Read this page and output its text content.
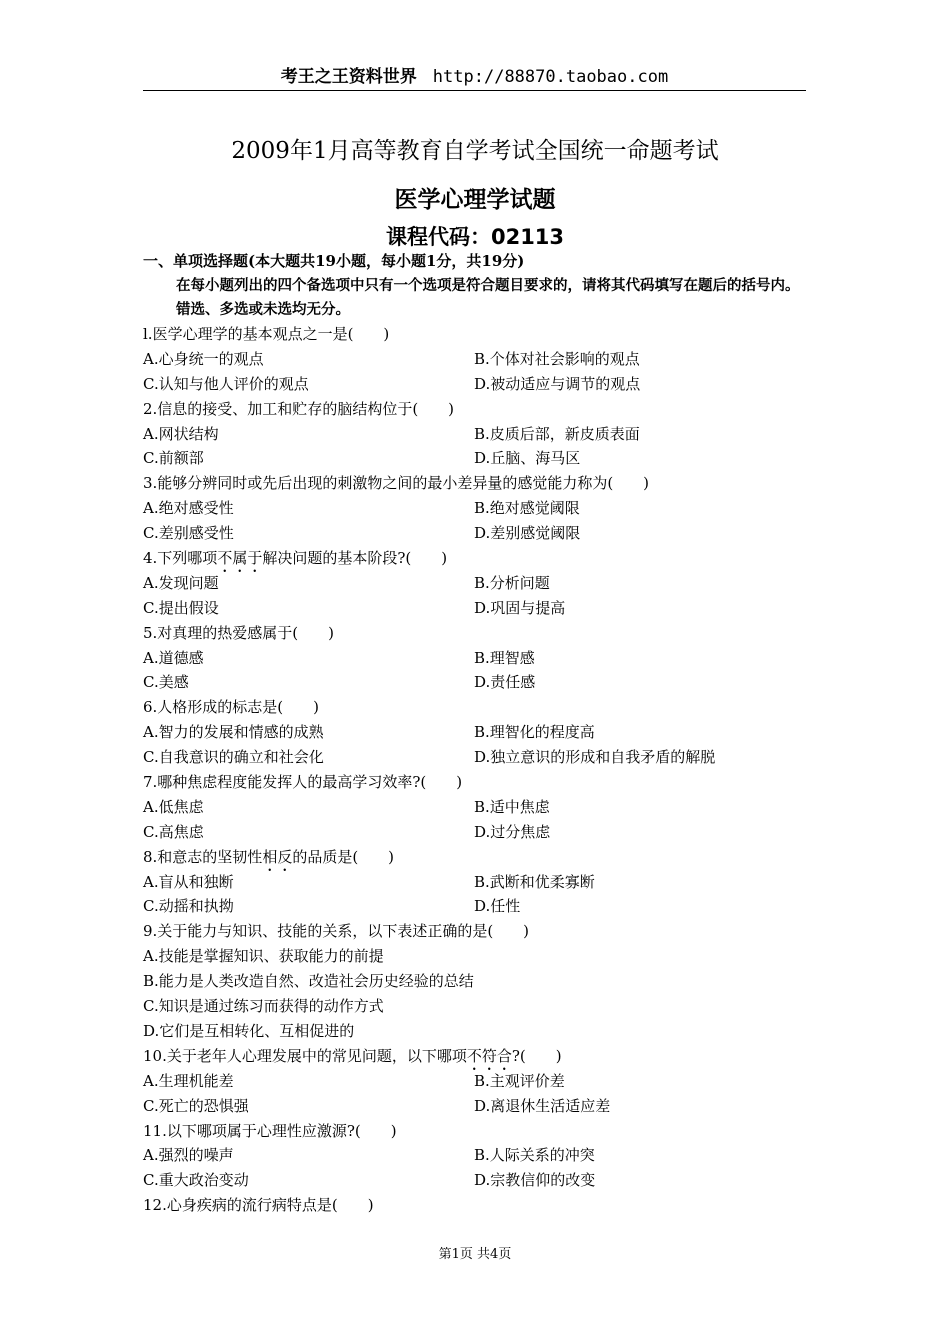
考王之王资料世界 http://88870.taobao.com
2009年1月高等教育自学考试全国统一命题考试
医学心理学试题
课程代码：02113
一、单项选择题(本大题共19小题，每小题1分，共19分)
在每小题列出的四个备选项中只有一个选项是符合题目要求的，请将其代码填写在题后的括号内。错选、多选或未选均无分。
l.医学心理学的基本观点之一是(　　)
A.心身统一的观点	B.个体对社会影响的观点
C.认知与他人评价的观点	D.被动适应与调节的观点
2.信息的接受、加工和贮存的脑结构位于(　　)
A.网状结构	B.皮质后部，新皮质表面
C.前额部	D.丘脑、海马区
3.能够分辨同时或先后出现的刺激物之间的最小差异量的感觉能力称为(　　)
A.绝对感受性	B.绝对感觉阈限
C.差别感受性	D.差别感觉阈限
4.下列哪项不属于解决问题的基本阶段?(　　)
A.发现问题	B.分析问题
C.提出假设	D.巩固与提高
5.对真理的热爱感属于(　　)
A.道德感	B.理智感
C.美感	D.责任感
6.人格形成的标志是(　　)
A.智力的发展和情感的成熟	B.理智化的程度高
C.自我意识的确立和社会化	D.独立意识的形成和自我矛盾的解脱
7.哪种焦虑程度能发挥人的最高学习效率?(　　)
A.低焦虑	B.适中焦虑
C.高焦虑	D.过分焦虑
8.和意志的坚韧性相反的品质是(　　)
A.盲从和独断	B.武断和优柔寡断
C.动摇和执拗	D.任性
9.关于能力与知识、技能的关系，以下表述正确的是(　　)
A.技能是掌握知识、获取能力的前提
B.能力是人类改造自然、改造社会历史经验的总结
C.知识是通过练习而获得的动作方式
D.它们是互相转化、互相促进的
10.关于老年人心理发展中的常见问题，以下哪项不符合?(　　)
A.生理机能差	B.主观评价差
C.死亡的恐惧强	D.离退休生活适应差
11.以下哪项属于心理性应激源?(　　)
A.强烈的噪声	B.人际关系的冲突
C.重大政治变动	D.宗教信仰的改变
12.心身疾病的流行病特点是(　　)
第1页 共4页
